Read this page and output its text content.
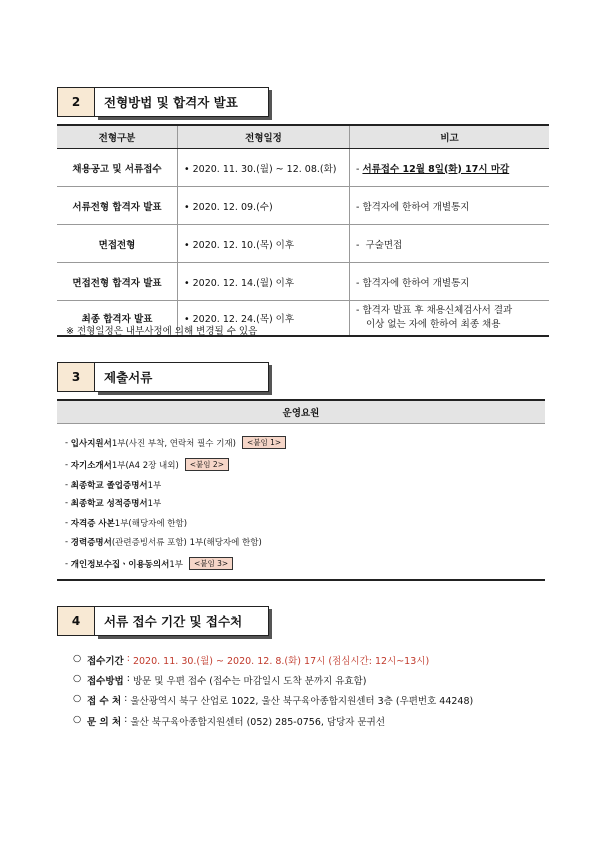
2	전형방법 및 합격자 발표
전형구분	전형일정	비고
채용공고 및 서류접수	• 2020. 11. 30.(월) ~ 12. 08.(화)	- 서류접수 12월 8일(화) 17시 마감
서류전형 합격자 발표	• 2020. 12. 09.(수)	- 합격자에 한하여 개별통지
면접전형	• 2020. 12. 10.(목) 이후	-  구술면접
면접전형 합격자 발표	• 2020. 12. 14.(월) 이후	- 합격자에 한하여 개별통지
최종 합격자 발표	• 2020. 12. 24.(목) 이후	- 합격자 발표 후 채용신체검사서 결과
이상 없는 자에 한하여 최종 채용
※ 전형일정은 내부사정에 의해 변경될 수 있음
3	제출서류
운영요원
- 입사지원서 1부(사진 부착, 연락처 필수 기재)	<붙임 1>
- 자기소개서 1부(A4 2장 내외)	<붙임 2>
- 최종학교 졸업증명서 1부
- 최종학교 성적증명서 1부
- 자격증 사본 1부(해당자에 한함)
- 경력증명서 (관련증빙서류 포함) 1부(해당자에 한함)
- 개인정보수집ㆍ이용동의서 1부	<붙임 3>
4	서류 접수 기간 및 접수처
○ 접수기간 : 2020. 11. 30.(월) ~ 2020. 12. 8.(화) 17시 (점심시간: 12시~13시)
○ 접수방법 : 방문 및 우편 접수 (접수는 마감일시 도착 분까지 유효함)
○ 접 수 처 : 울산광역시 북구 산업로 1022, 울산 북구육아종합지원센터 3층 (우편번호 44248)
○ 문 의 처 : 울산 북구육아종합지원센터 (052) 285-0756, 담당자 문귀선
